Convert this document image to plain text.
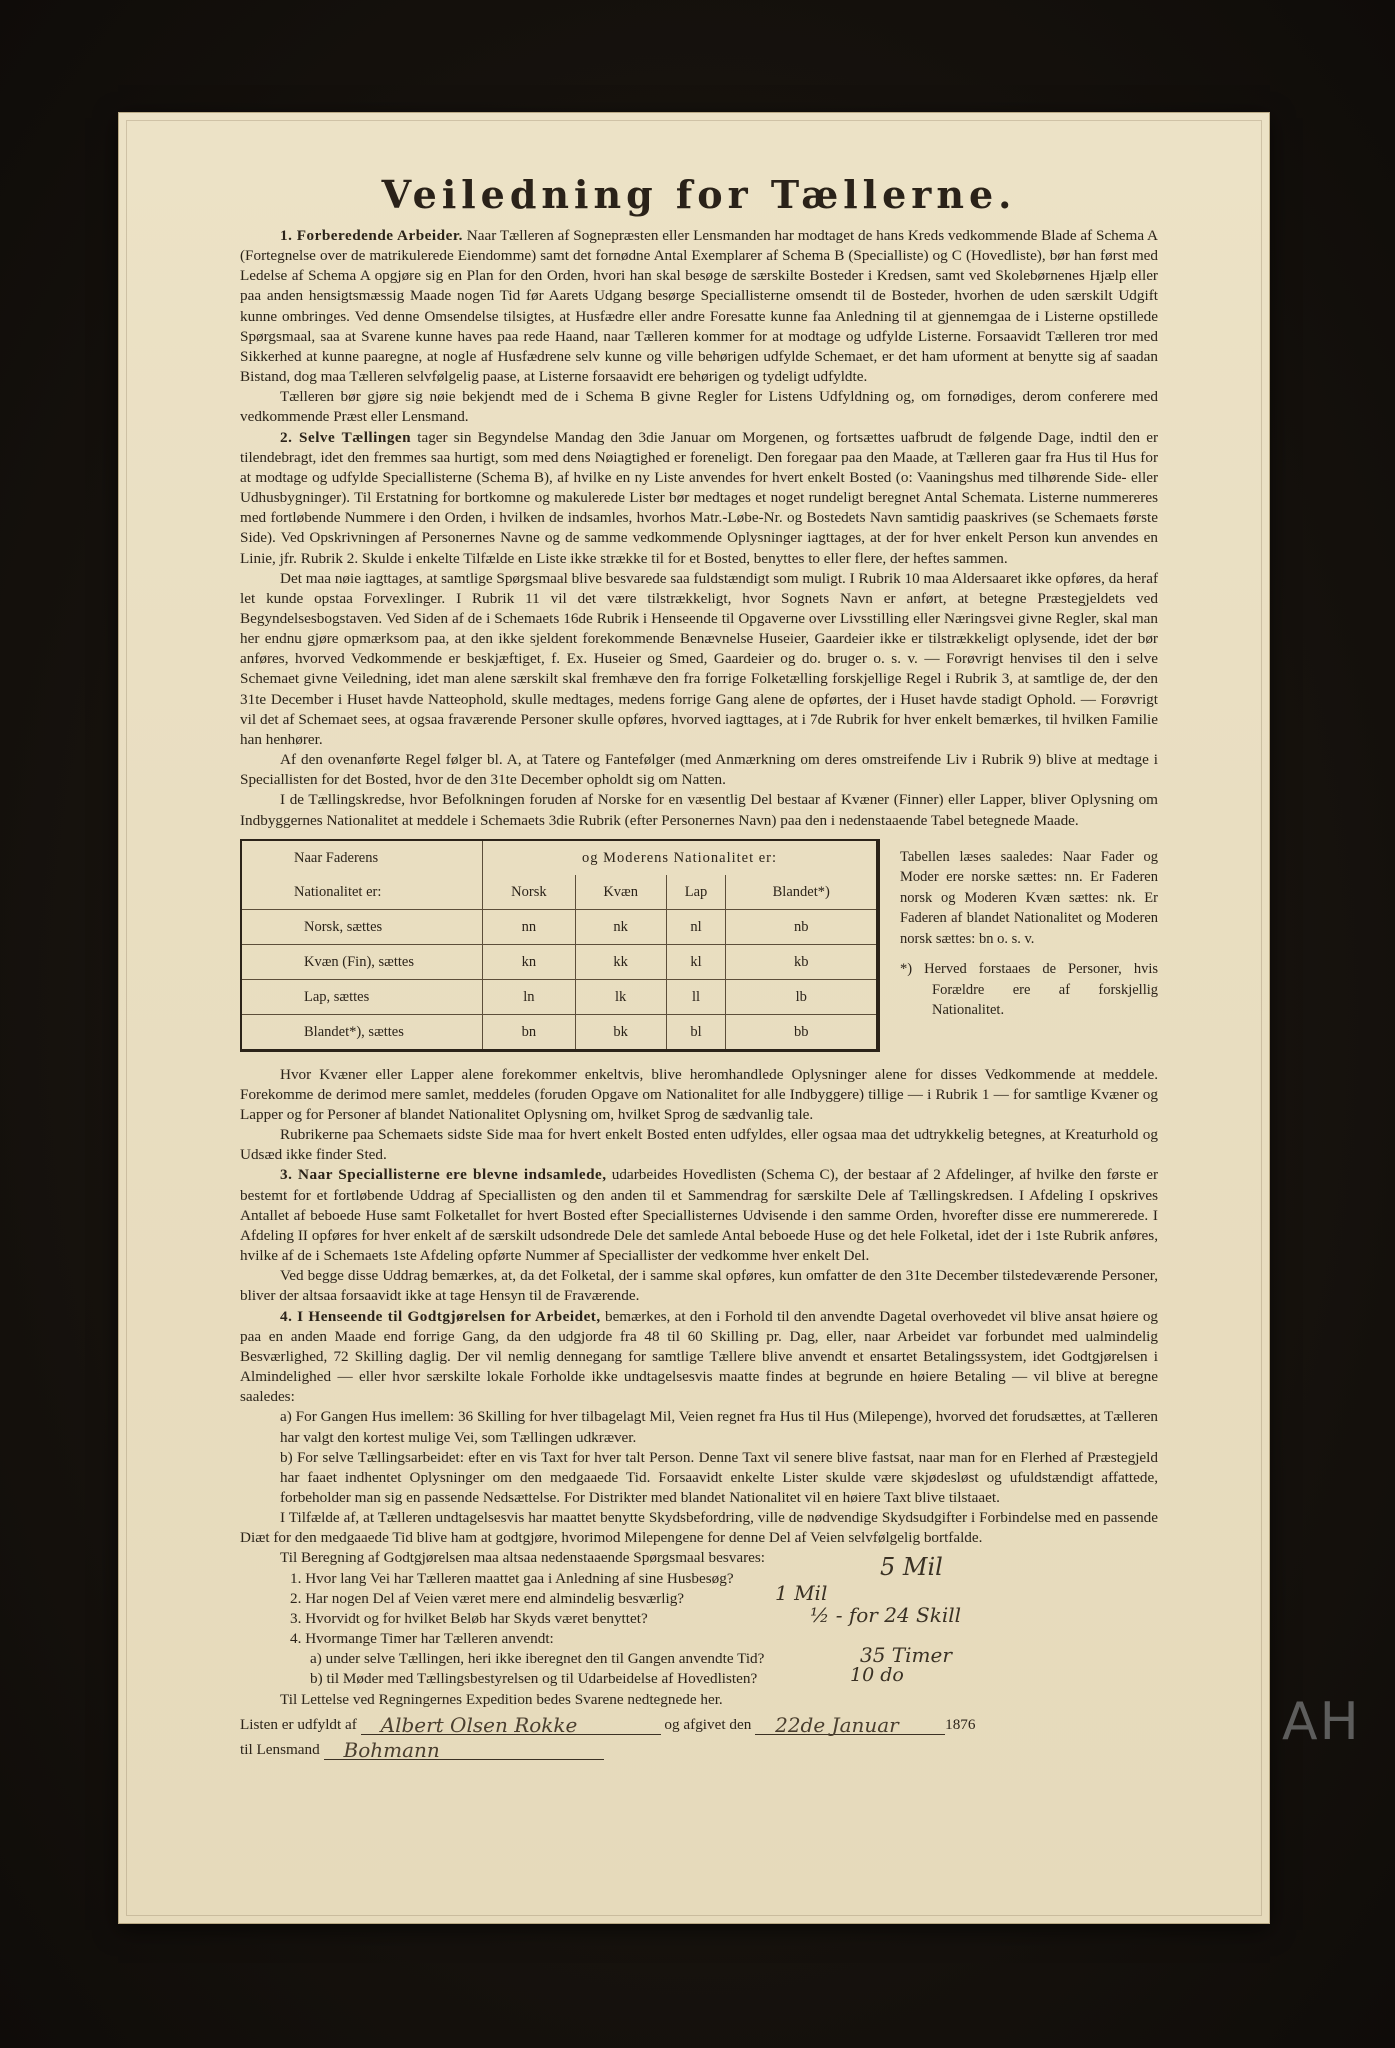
Veiledning for Tællerne.

1. Forberedende Arbeider. Naar Tælleren af Sognepræsten eller Lensmanden har modtaget de hans Kreds vedkommende Blade af Schema A (Fortegnelse over de matrikulerede Eiendomme) samt det fornødne Antal Exemplarer af Schema B (Specialliste) og C (Hovedliste), bør han først med Ledelse af Schema A opgjøre sig en Plan for den Orden, hvori han skal besøge de særskilte Bosteder i Kredsen, samt ved Skolebørnenes Hjælp eller paa anden hensigtsmæssig Maade nogen Tid før Aarets Udgang besørge Speciallisterne omsendt til de Bosteder, hvorhen de uden særskilt Udgift kunne ombringes. Ved denne Omsendelse tilsigtes, at Husfædre eller andre Foresatte kunne faa Anledning til at gjennemgaa de i Listerne opstillede Spørgsmaal, saa at Svarene kunne haves paa rede Haand, naar Tælleren kommer for at modtage og udfylde Listerne. Forsaavidt Tælleren tror med Sikkerhed at kunne paaregne, at nogle af Husfædrene selv kunne og ville behørigen udfylde Schemaet, er det ham uforment at benytte sig af saadan Bistand, dog maa Tælleren selvfølgelig paase, at Listerne forsaavidt ere behørigen og tydeligt udfyldte.

Tælleren bør gjøre sig nøie bekjendt med de i Schema B givne Regler for Listens Udfyldning og, om fornødiges, derom conferere med vedkommende Præst eller Lensmand.

2. Selve Tællingen tager sin Begyndelse Mandag den 3die Januar om Morgenen, og fortsættes uafbrudt de følgende Dage, indtil den er tilendebragt, idet den fremmes saa hurtigt, som med dens Nøiagtighed er foreneligt. Den foregaar paa den Maade, at Tælleren gaar fra Hus til Hus for at modtage og udfylde Speciallisterne (Schema B), af hvilke en ny Liste anvendes for hvert enkelt Bosted (o: Vaaningshus med tilhørende Side- eller Udhusbygninger). Til Erstatning for bortkomne og makulerede Lister bør medtages et noget rundeligt beregnet Antal Schemata. Listerne nummereres med fortløbende Nummere i den Orden, i hvilken de indsamles, hvorhos Matr.-Løbe-Nr. og Bostedets Navn samtidig paaskrives (se Schemaets første Side). Ved Opskrivningen af Personernes Navne og de samme vedkommende Oplysninger iagttages, at der for hver enkelt Person kun anvendes en Linie, jfr. Rubrik 2. Skulde i enkelte Tilfælde en Liste ikke strække til for et Bosted, benyttes to eller flere, der heftes sammen.

Det maa nøie iagttages, at samtlige Spørgsmaal blive besvarede saa fuldstændigt som muligt. I Rubrik 10 maa Aldersaaret ikke opføres, da heraf let kunde opstaa Forvexlinger. I Rubrik 11 vil det være tilstrækkeligt, hvor Sognets Navn er anført, at betegne Præstegjeldets ved Begyndelsesbogstaven. Ved Siden af de i Schemaets 16de Rubrik i Henseende til Opgaverne over Livsstilling eller Næringsvei givne Regler, skal man her endnu gjøre opmærksom paa, at den ikke sjeldent forekommende Benævnelse Huseier, Gaardeier ikke er tilstrækkeligt oplysende, idet der bør anføres, hvorved Vedkommende er beskjæftiget, f. Ex. Huseier og Smed, Gaardeier og do. bruger o. s. v. — Forøvrigt henvises til den i selve Schemaet givne Veiledning, idet man alene særskilt skal fremhæve den fra forrige Folketælling forskjellige Regel i Rubrik 3, at samtlige de, der den 31te December i Huset havde Natteophold, skulle medtages, medens forrige Gang alene de opførtes, der i Huset havde stadigt Ophold. — Forøvrigt vil det af Schemaet sees, at ogsaa fraværende Personer skulle opføres, hvorved iagttages, at i 7de Rubrik for hver enkelt bemærkes, til hvilken Familie han henhører.

Af den ovenanførte Regel følger bl. A, at Tatere og Fantefølger (med Anmærkning om deres omstreifende Liv i Rubrik 9) blive at medtage i Speciallisten for det Bosted, hvor de den 31te December opholdt sig om Natten.

I de Tællingskredse, hvor Befolkningen foruden af Norske for en væsentlig Del bestaar af Kvæner (Finner) eller Lapper, bliver Oplysning om Indbyggernes Nationalitet at meddele i Schemaets 3die Rubrik (efter Personernes Navn) paa den i nedenstaaende Tabel betegnede Maade.

Naar Faderens	og Moderens Nationalitet er:			
Nationalitet er:	Norsk	Kvæn	Lap	Blandet*)
Norsk, sættes	nn	nk	nl	nb
Kvæn (Fin), sættes	kn	kk	kl	kb
Lap, sættes	ln	lk	ll	lb
Blandet*), sættes	bn	bk	bl	bb

Tabellen læses saaledes: Naar Fader og Moder ere norske sættes: nn. Er Faderen norsk og Moderen Kvæn sættes: nk. Er Faderen af blandet Nationalitet og Moderen norsk sættes: bn o. s. v.

*) Herved forstaaes de Personer, hvis Forældre ere af forskjellig Nationalitet.

Hvor Kvæner eller Lapper alene forekommer enkeltvis, blive heromhandlede Oplysninger alene for disses Vedkommende at meddele. Forekomme de derimod mere samlet, meddeles (foruden Opgave om Nationalitet for alle Indbyggere) tillige — i Rubrik 1 — for samtlige Kvæner og Lapper og for Personer af blandet Nationalitet Oplysning om, hvilket Sprog de sædvanlig tale.

Rubrikerne paa Schemaets sidste Side maa for hvert enkelt Bosted enten udfyldes, eller ogsaa maa det udtrykkelig betegnes, at Kreaturhold og Udsæd ikke finder Sted.

3. Naar Speciallisterne ere blevne indsamlede, udarbeides Hovedlisten (Schema C), der bestaar af 2 Afdelinger, af hvilke den første er bestemt for et fortløbende Uddrag af Speciallisten og den anden til et Sammendrag for særskilte Dele af Tællingskredsen. I Afdeling I opskrives Antallet af beboede Huse samt Folketallet for hvert Bosted efter Speciallisternes Udvisende i den samme Orden, hvorefter disse ere nummererede. I Afdeling II opføres for hver enkelt af de særskilt udsondrede Dele det samlede Antal beboede Huse og det hele Folketal, idet der i 1ste Rubrik anføres, hvilke af de i Schemaets 1ste Afdeling opførte Nummer af Speciallister der vedkomme hver enkelt Del.

Ved begge disse Uddrag bemærkes, at, da det Folketal, der i samme skal opføres, kun omfatter de den 31te December tilstedeværende Personer, bliver der altsaa forsaavidt ikke at tage Hensyn til de Fraværende.

4. I Henseende til Godtgjørelsen for Arbeidet, bemærkes, at den i Forhold til den anvendte Dagetal overhovedet vil blive ansat høiere og paa en anden Maade end forrige Gang, da den udgjorde fra 48 til 60 Skilling pr. Dag, eller, naar Arbeidet var forbundet med ualmindelig Besværlighed, 72 Skilling daglig. Der vil nemlig dennegang for samtlige Tællere blive anvendt et ensartet Betalingssystem, idet Godtgjørelsen i Almindelighed — eller hvor særskilte lokale Forholde ikke undtagelsesvis maatte findes at begrunde en høiere Betaling — vil blive at beregne saaledes:

a) For Gangen Hus imellem: 36 Skilling for hver tilbagelagt Mil, Veien regnet fra Hus til Hus (Milepenge), hvorved det forudsættes, at Tælleren har valgt den kortest mulige Vei, som Tællingen udkræver.

b) For selve Tællingsarbeidet: efter en vis Taxt for hver talt Person. Denne Taxt vil senere blive fastsat, naar man for en Flerhed af Præstegjeld har faaet indhentet Oplysninger om den medgaaede Tid. Forsaavidt enkelte Lister skulde være skjødesløst og ufuldstændigt affattede, forbeholder man sig en passende Nedsættelse. For Distrikter med blandet Nationalitet vil en høiere Taxt blive tilstaaet.

I Tilfælde af, at Tælleren undtagelsesvis har maattet benytte Skydsbefordring, ville de nødvendige Skydsudgifter i Forbindelse med en passende Diæt for den medgaaede Tid blive ham at godtgjøre, hvorimod Milepengene for denne Del af Veien selvfølgelig bortfalde.

Til Beregning af Godtgjørelsen maa altsaa nedenstaaende Spørgsmaal besvares:

1. Hvor lang Vei har Tælleren maattet gaa i Anledning af sine Husbesøg?

2. Har nogen Del af Veien været mere end almindelig besværlig?

3. Hvorvidt og for hvilket Beløb har Skyds været benyttet?

4. Hvormange Timer har Tælleren anvendt:

a) under selve Tællingen, heri ikke iberegnet den til Gangen anvendte Tid?

b) til Møder med Tællingsbestyrelsen og til Udarbeidelse af Hovedlisten?

5 Mil
1 Mil
½ - for 24 Skill
35 Timer
10 do

Til Lettelse ved Regningernes Expedition bedes Svarene nedtegnede her.

Listen er udfyldt af Albert Olsen Rokke	og afgivet den 22de Januar	1876

til Lensmand Bohmann	AH
